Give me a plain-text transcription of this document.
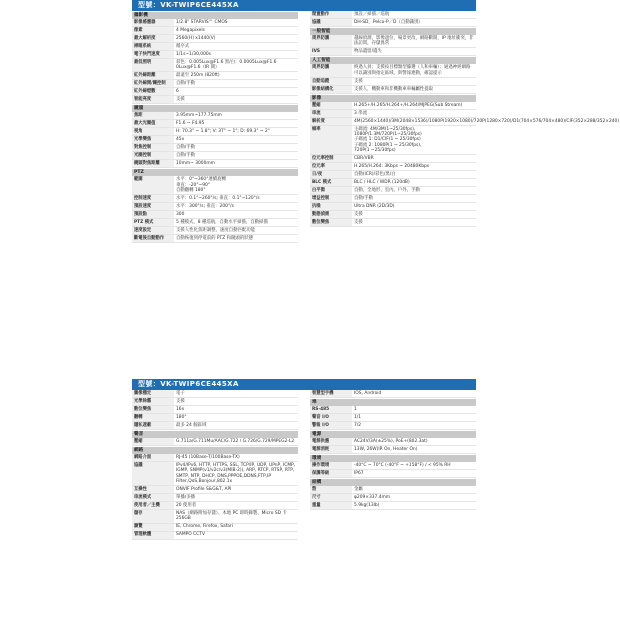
型號：VK-TWIP6CE445XA
攝影機
影像感應器	1/2.8" STARVIS™ CMOS
像素	4 Megapixels
最大解析度	2560(H) x1440(V)
掃瞄系統	循序式
電子快門速度	1/1s~1/30,000s
最低照明	彩色：0.005Lux@F1.6 黑/白：0.0005Lux@F1.6
0Lux@F1.6（IR 開）
紅外線距離	最遠至 250m (820ft)
紅外線開/關控制	自動/手動
紅外線燈數	6
智能亮度	支援
鏡頭
焦距	3.95mm~177.75mm
最大光圈值	F1.6 ~ F4.95
視角	H: 70.3° ~ 1.8°; V: 37° ~ 1°; D: 69.3° ~ 2°
光學變焦	45x
對焦控制	自動/手動
光圈控制	自動/手動
鏡頭對焦距離	10mm~ 3000mm
PTZ
範圍	水平：0°~360°連續旋轉
垂直：-20°~90°
自動翻轉 180°
控制速度	水平：0.1°~260°/s; 垂直：0.1°~120°/s
預設速度	水平：300°/s; 垂直：200°/s
預設點	300
PTZ 模式	5 種模式，8 種巡航，自動水平掃描，自動掃描
速度設定	支援人性化焦距調整，速度自動匹配功能
斷電後自動動作	自動恢復到停電前的 PTZ 和鏡頭的狀態
閒置動作	預設／掃描／巡航
協議	DH-SD，Pelco-P／D（自動識別）
一般智能
周界防護	越線偵測，影像遮位，場景更改，網路斷開，IP 地址衝突，非法訪問，存儲異常
IVS	物品遺留/遺失
人工智能
周界防護	終過人員；支援按目標類型篩選（人和車輛）；通過神經網路可以識別與指定區域，與警報連動，確認提示
自動追蹤	支援
影像結構化	支援人，機動車和非機動車車輛屬性提取
影像
壓縮	H.265+/H.265/H.264+/H.264/MJPEG(Sub Stream)
串流	3 串流
解析度	4M(2560×1440)/3M(2048×1536)/1080P(1920×1080)/720P(1280×720)/D1(704×576/704×480)/CIF(352×288/352×240)
幀率	主碼流: 4M/3M(1~25/30fps), 1080P/1.3M/720P(1~25/30fps)
子碼流 1: D1/CIF(1 ~ 25/30fps)
子碼流 2: 1080P(1 ~ 25/30fps),
720P(1 ~25/30fps)
位元率控制	CBR/VBR
位元率	H.265/H.264: 3Kbps ~ 20480Kbps
日/夜	自動(ICR)/彩色/黑/白
BLC 模式	BLC / HLC / WDR (120dB)
白平衡	自動，全地形，室內，戶外，手動
增益控制	自動/手動
抗噪	Ultra DNR (2D/3D)
動態偵測	支援
數位變焦	支援
型號：VK-TWIP6CE445XA
圖像穩定	電子
光學除霧	支援
數位變焦	16x
翻轉	180°
隱私遮蔽	最多 24 個區域
聲音
壓縮	G.711a/G.711Mu/AAC/G.722 / G.726/G.729/MPEG2-L2
網路
網路介面	RJ-45 (10Base-T/100Base-TX)
協議	IPv4/IPv6, HTTP, HTTPS, SSL, TCP/IP, UDP, UPnP, ICMP, IGMP, SNMP(v1/v2c/v3(MIB-2)), ARP, RTCP, RTSP, RTP, SMTP, NTP, DHCP, DNS,PPPOE,DDNS,FTP,IP Filter,QoS,Bonjour,802.1x
互操性	ONVIF Profile S&G&T, API
串流模式	單播/多播
使用者／主機	20 使用者
儲存	NAS（網路附加存儲）、本地 PC 即時錄製、Micro SD 卡 256GB
瀏覽	IE, Chrome, Firefox, Safari
管理軟體	SAMPO CCTV
智慧型手機	IOS, Android
埠
RS-485	1
聲音 I/O	1/1
警報 I/O	7/2
電源
電源供應	AC24V/3A(±25%), PoE+(802.3at)
電源消耗	13W, 26W(IR On, Heater On)
環境
操作環境	-40°C ~ 70°C (-40°F ~ +158°F) / < 95% RH
保護等級	IP67
結構
殼	金屬
尺寸	φ209×337.4mm
重量	5.9kg(13lb)
